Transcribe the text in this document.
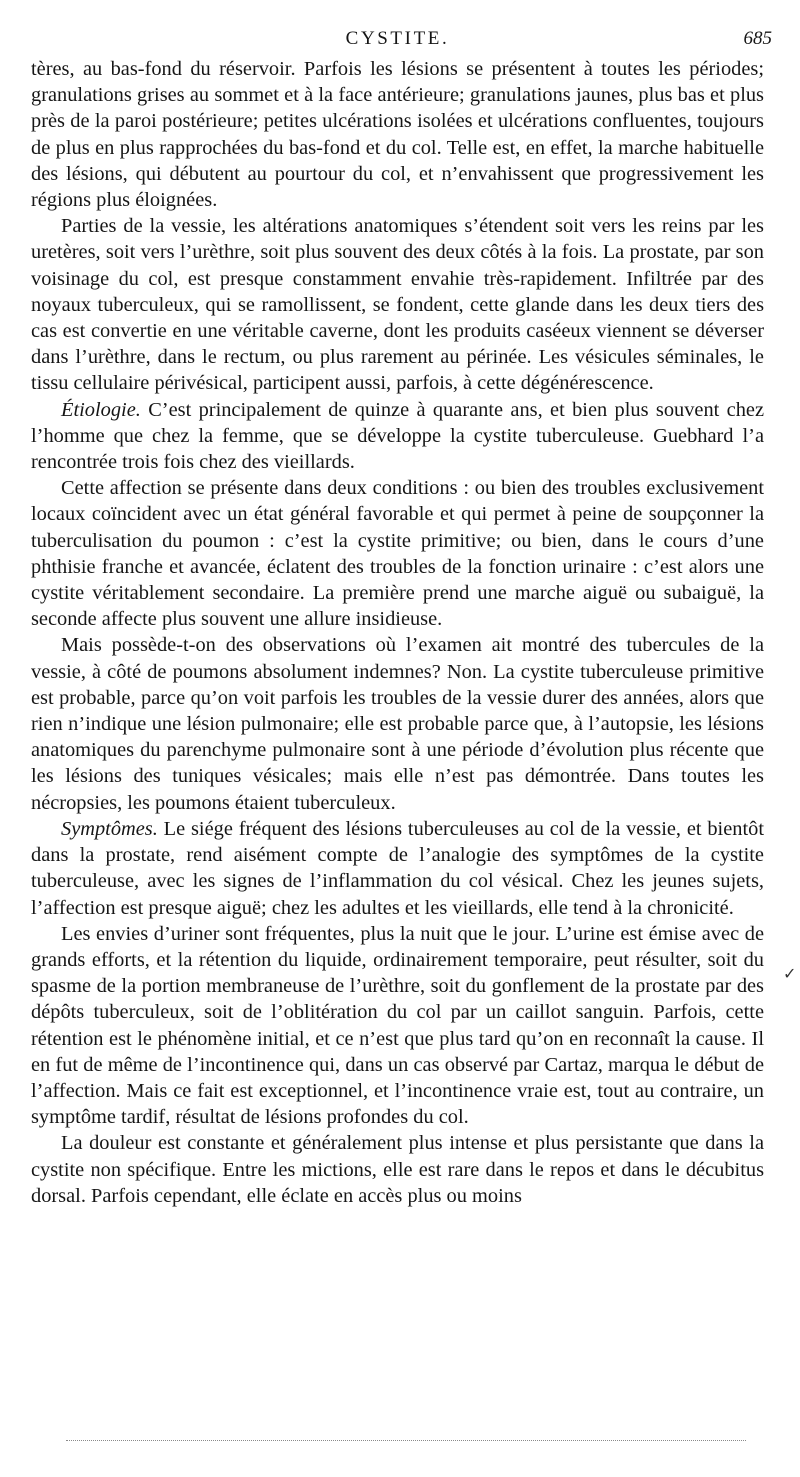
CYSTITE.	685

tères, au bas-fond du réservoir. Parfois les lésions se présentent à toutes les périodes; granulations grises au sommet et à la face antérieure; granulations jaunes, plus bas et plus près de la paroi postérieure; petites ulcérations isolées et ulcérations confluentes, toujours de plus en plus rapprochées du bas-fond et du col. Telle est, en effet, la marche habituelle des lésions, qui débutent au pourtour du col, et n’envahissent que progressivement les régions plus éloignées.

Parties de la vessie, les altérations anatomiques s’étendent soit vers les reins par les uretères, soit vers l’urèthre, soit plus souvent des deux côtés à la fois. La prostate, par son voisinage du col, est presque constamment envahie très-rapidement. Infiltrée par des noyaux tuberculeux, qui se ramollissent, se fondent, cette glande dans les deux tiers des cas est convertie en une véritable caverne, dont les produits caséeux viennent se déverser dans l’urèthre, dans le rectum, ou plus rarement au périnée. Les vésicules séminales, le tissu cellulaire périvésical, participent aussi, parfois, à cette dégénérescence.

Étiologie. C’est principalement de quinze à quarante ans, et bien plus souvent chez l’homme que chez la femme, que se développe la cystite tuberculeuse. Guebhard l’a rencontrée trois fois chez des vieillards.

Cette affection se présente dans deux conditions : ou bien des troubles exclusivement locaux coïncident avec un état général favorable et qui permet à peine de soupçonner la tuberculisation du poumon : c’est la cystite primitive; ou bien, dans le cours d’une phthisie franche et avancée, éclatent des troubles de la fonction urinaire : c’est alors une cystite véritablement secondaire. La première prend une marche aiguë ou subaiguë, la seconde affecte plus souvent une allure insidieuse.

Mais possède-t-on des observations où l’examen ait montré des tubercules de la vessie, à côté de poumons absolument indemnes? Non. La cystite tuberculeuse primitive est probable, parce qu’on voit parfois les troubles de la vessie durer des années, alors que rien n’indique une lésion pulmonaire; elle est probable parce que, à l’autopsie, les lésions anatomiques du parenchyme pulmonaire sont à une période d’évolution plus récente que les lésions des tuniques vésicales; mais elle n’est pas démontrée. Dans toutes les nécropsies, les poumons étaient tuberculeux.

Symptômes. Le siége fréquent des lésions tuberculeuses au col de la vessie, et bientôt dans la prostate, rend aisément compte de l’analogie des symptômes de la cystite tuberculeuse, avec les signes de l’inflammation du col vésical. Chez les jeunes sujets, l’affection est presque aiguë; chez les adultes et les vieillards, elle tend à la chronicité.

Les envies d’uriner sont fréquentes, plus la nuit que le jour. L’urine est émise avec de grands efforts, et la rétention du liquide, ordinairement temporaire, peut résulter, soit du spasme de la portion membraneuse de l’urèthre, soit du gonflement de la prostate par des dépôts tuberculeux, soit de l’oblitération du col par un caillot sanguin. Parfois, cette rétention est le phénomène initial, et ce n’est que plus tard qu’on en reconnaît la cause. Il en fut de même de l’incontinence qui, dans un cas observé par Cartaz, marqua le début de l’affection. Mais ce fait est exceptionnel, et l’incontinence vraie est, tout au contraire, un symptôme tardif, résultat de lésions profondes du col.

La douleur est constante et généralement plus intense et plus persistante que dans la cystite non spécifique. Entre les mictions, elle est rare dans le repos et dans le décubitus dorsal. Parfois cependant, elle éclate en accès plus ou moins

✓
